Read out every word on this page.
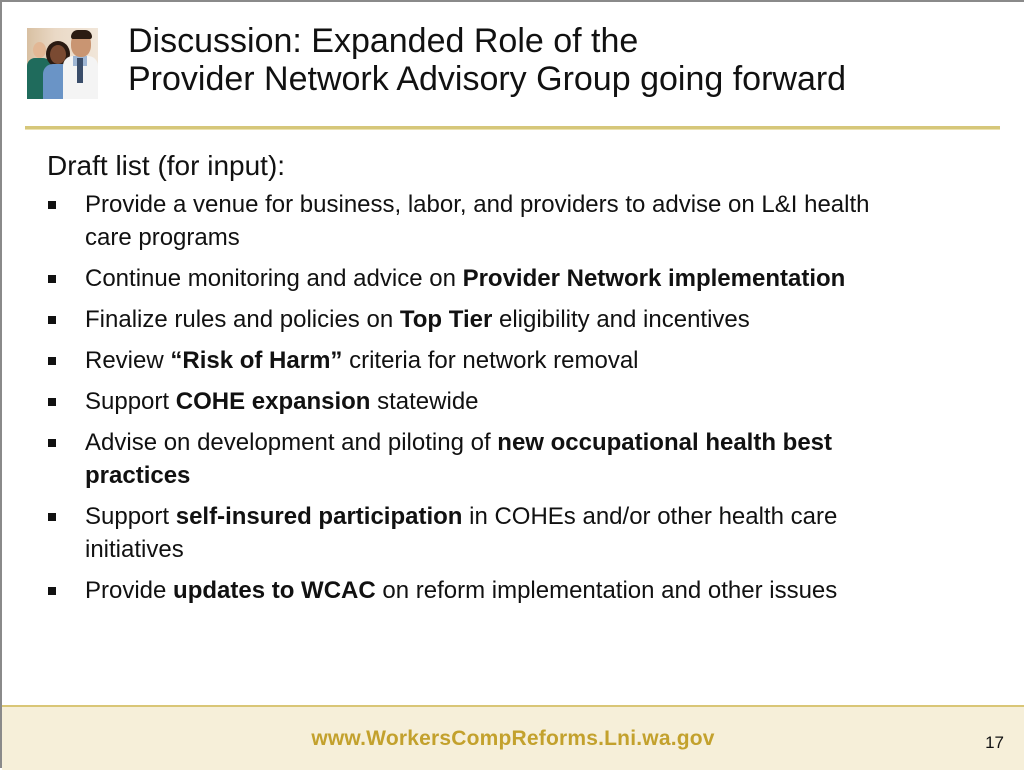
Discussion: Expanded Role of the
Provider Network Advisory Group going forward
Draft list (for input):
Provide a venue for business, labor, and providers to advise on L&I health care programs
Continue monitoring and advice on Provider Network implementation
Finalize rules and policies on Top Tier eligibility and incentives
Review “Risk of Harm” criteria for network removal
Support COHE expansion statewide
Advise on development and piloting of new occupational health best practices
Support self-insured participation in COHEs and/or other health care initiatives
Provide updates to WCAC on reform implementation and other issues
www.WorkersCompReforms.Lni.wa.gov	17
